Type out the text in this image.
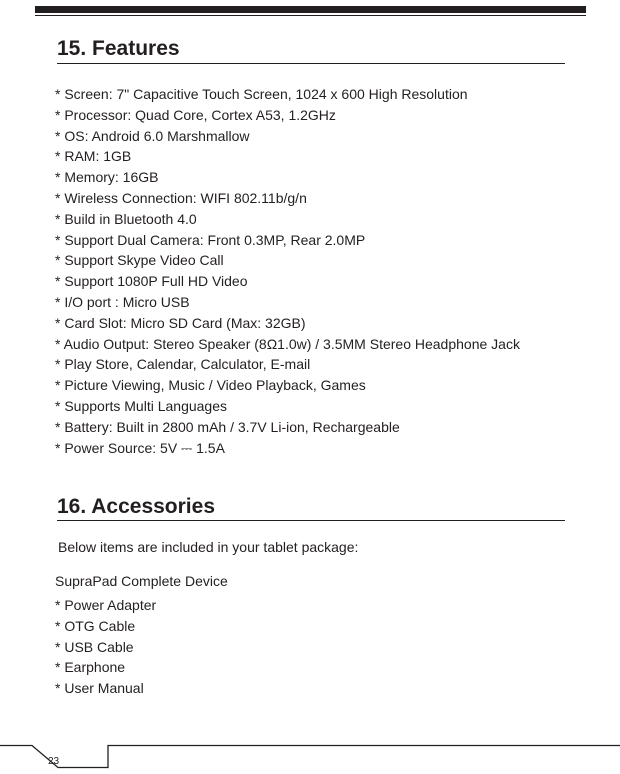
15. Features
* Screen: 7" Capacitive Touch Screen, 1024 x 600 High Resolution
* Processor: Quad Core, Cortex A53, 1.2GHz
* OS: Android 6.0 Marshmallow
* RAM: 1GB
* Memory: 16GB
* Wireless Connection: WIFI 802.11b/g/n
* Build in Bluetooth 4.0
* Support Dual Camera: Front 0.3MP, Rear 2.0MP
* Support Skype Video Call
* Support 1080P Full HD Video
* I/O port : Micro USB
* Card Slot: Micro SD Card (Max: 32GB)
* Audio Output: Stereo Speaker (8Ω1.0w) / 3.5MM Stereo Headphone Jack
* Play Store, Calendar, Calculator, E-mail
* Picture Viewing, Music / Video Playback, Games
* Supports Multi Languages
* Battery: Built in 2800 mAh / 3.7V Li-ion, Rechargeable
* Power Source: 5V ⎓ 1.5A
16. Accessories

Below items are included in your tablet package:

SupraPad Complete Device

* Power Adapter
* OTG Cable
* USB Cable
* Earphone
* User Manual
23
